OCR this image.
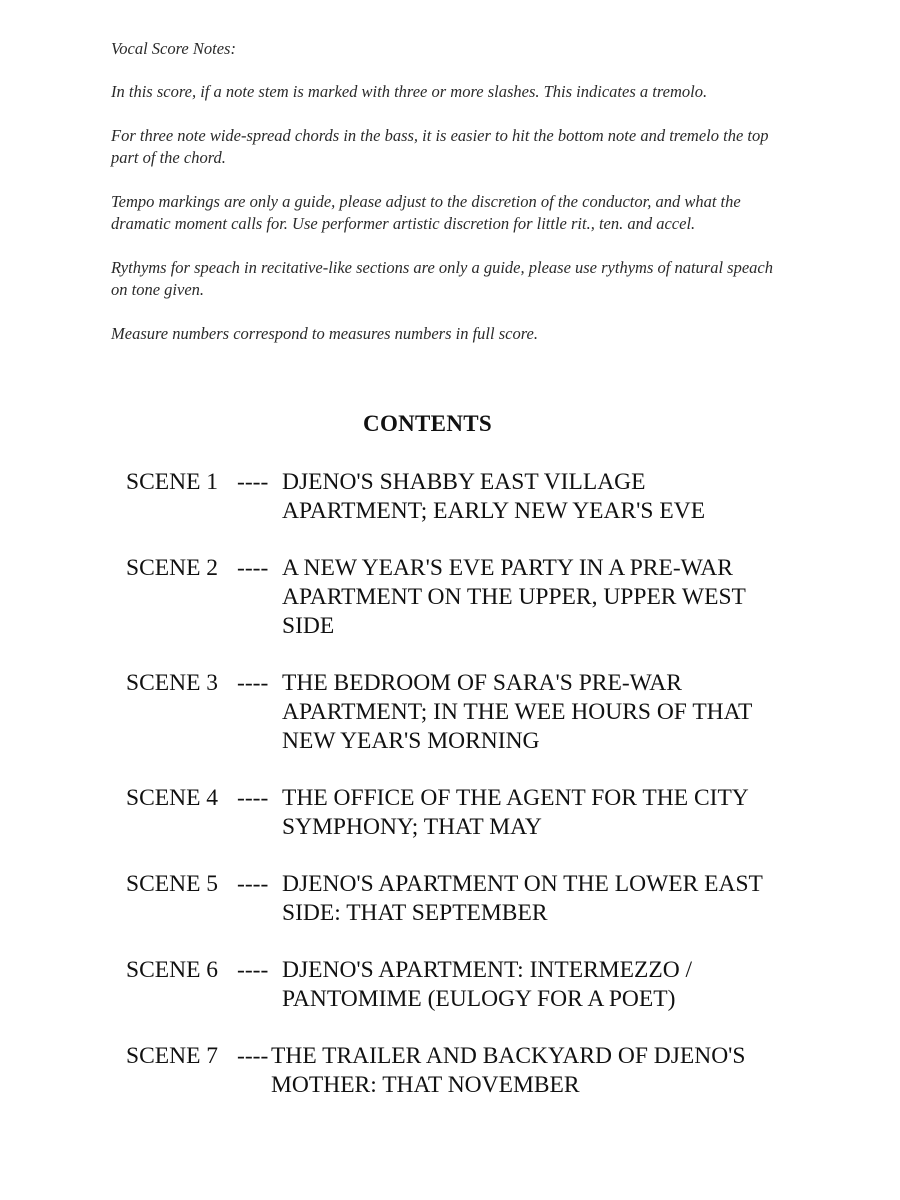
Vocal Score Notes:

In this score, if a note stem is marked with three or more slashes. This indicates a tremolo.

For three note wide-spread chords in the bass, it is easier to hit the bottom note and tremelo the top part of the chord.

Tempo markings are only a guide, please adjust to the discretion of the conductor, and what the dramatic moment calls for. Use performer artistic discretion for little rit., ten. and accel.

Rythyms for speach in recitative-like sections are only a guide, please use rythyms of natural speach on tone given.

Measure numbers correspond to measures numbers in full score.

CONTENTS
SCENE 1 ---- DJENO'S SHABBY EAST VILLAGE
APARTMENT; EARLY NEW YEAR'S EVE
SCENE 2 ---- A NEW YEAR'S EVE PARTY IN A PRE-WAR
APARTMENT ON THE UPPER, UPPER WEST
SIDE
SCENE 3 ---- THE BEDROOM OF SARA'S PRE-WAR
APARTMENT; IN THE WEE HOURS OF THAT
NEW YEAR'S MORNING
SCENE 4 ---- THE OFFICE OF THE AGENT FOR THE CITY
SYMPHONY; THAT MAY
SCENE 5 ---- DJENO'S APARTMENT ON THE LOWER EAST
SIDE: THAT SEPTEMBER
SCENE 6 ---- DJENO'S APARTMENT: INTERMEZZO /
PANTOMIME (EULOGY FOR A POET)
SCENE 7 ---- THE TRAILER AND BACKYARD OF DJENO'S
MOTHER: THAT NOVEMBER
